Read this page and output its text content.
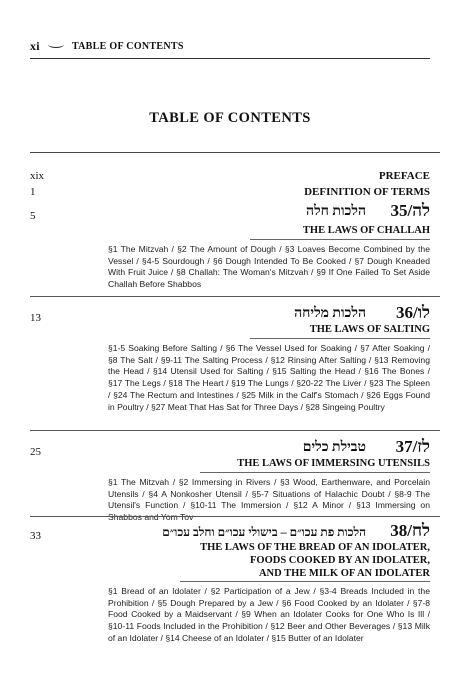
xi	TABLE OF CONTENTS
TABLE OF CONTENTS
xix	PREFACE
1	DEFINITION OF TERMS
5	הלכות חלה	לה/35
THE LAWS OF CHALLAH
§1 The Mitzvah / §2 The Amount of Dough / §3 Loaves Become Combined by the Vessel / §4-5 Sourdough / §6 Dough Intended To Be Cooked / §7 Dough Kneaded With Fruit Juice / §8 Challah: The Woman's Mitzvah / §9 If One Failed To Set Aside Challah Before Shabbos
13	הלכות מליחה	לו/36
THE LAWS OF SALTING
§1-5 Soaking Before Salting / §6 The Vessel Used for Soaking / §7 After Soaking / §8 The Salt / §9-11 The Salting Process / §12 Rinsing After Salting / §13 Removing the Head / §14 Utensil Used for Salting / §15 Salting the Head / §16 The Bones / §17 The Legs / §18 The Heart / §19 The Lungs / §20-22 The Liver / §23 The Spleen / §24 The Rectum and Intestines / §25 Milk in the Calf's Stomach / §26 Eggs Found in Poultry / §27 Meat That Has Sat for Three Days / §28 Singeing Poultry
25	טבילת כלים	לז/37
THE LAWS OF IMMERSING UTENSILS
§1 The Mitzvah / §2 Immersing in Rivers / §3 Wood, Earthenware, and Porcelain Utensils / §4 A Nonkosher Utensil / §5-7 Situations of Halachic Doubt / §8-9 The Utensil's Function / §10-11 The Immersion / §12 A Minor / §13 Immersing on Shabbos and Yom Tov
33	הלכות פת עכו״ם – בישולי עכו״ם וחלב עכו״ם	לח/38
THE LAWS OF THE BREAD OF AN IDOLATER,
FOODS COOKED BY AN IDOLATER,
AND THE MILK OF AN IDOLATER
§1 Bread of an Idolater / §2 Participation of a Jew / §3-4 Breads Included in the Prohibition / §5 Dough Prepared by a Jew / §6 Food Cooked by an Idolater / §7-8 Food Cooked by a Maidservant / §9 When an Idolater Cooks for One Who Is Ill / §10-11 Foods Included in the Prohibition / §12 Beer and Other Beverages / §13 Milk of an Idolater / §14 Cheese of an Idolater / §15 Butter of an Idolater
